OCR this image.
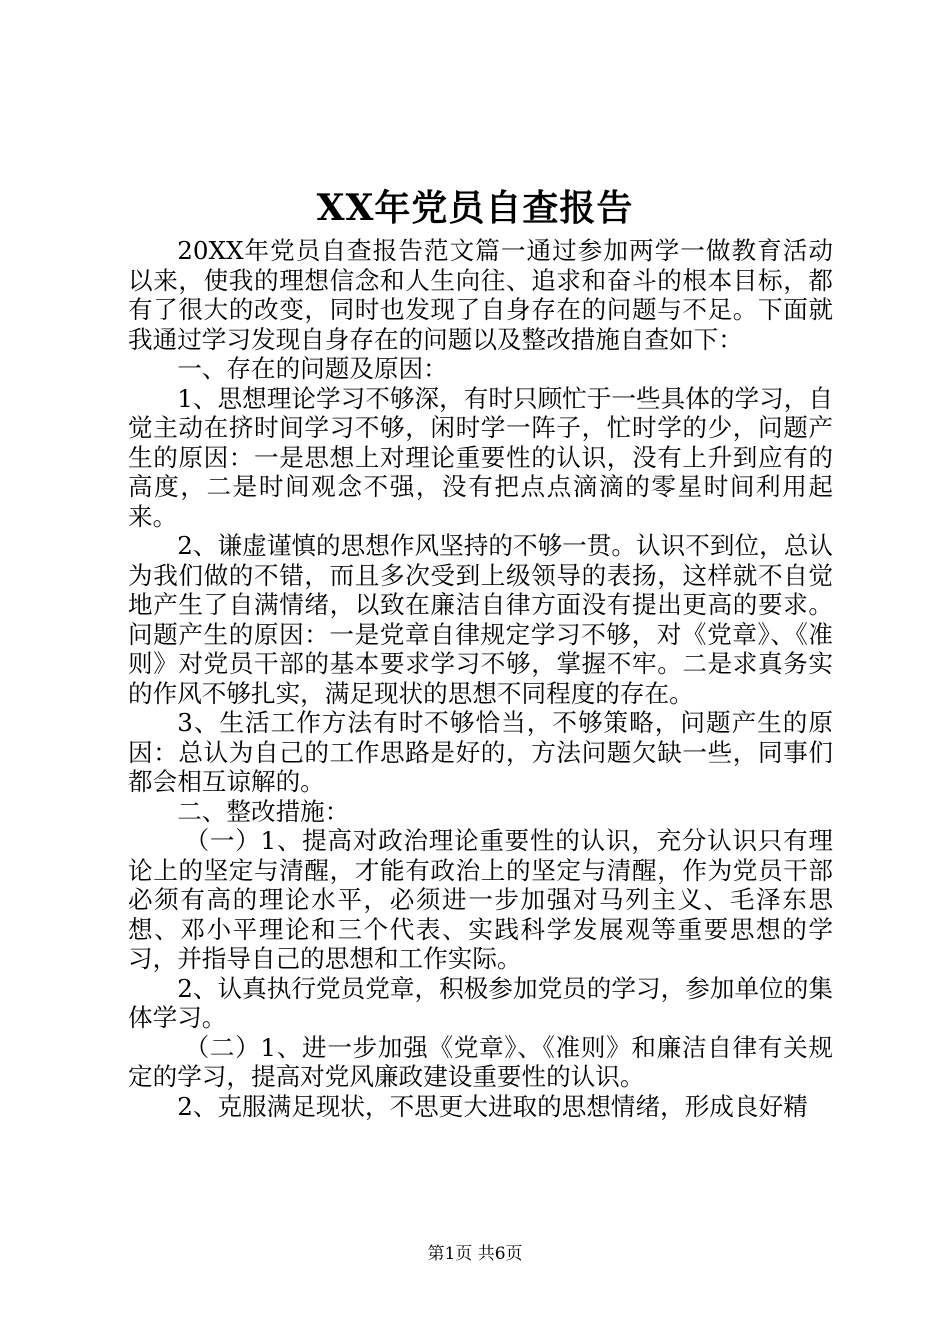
XX年党员自查报告

20XX年党员自查报告范文篇一通过参加两学一做教育活动以来，使我的理想信念和人生向往、追求和奋斗的根本目标，都有了很大的改变，同时也发现了自身存在的问题与不足。下面就我通过学习发现自身存在的问题以及整改措施自查如下：

一、存在的问题及原因：

1、思想理论学习不够深，有时只顾忙于一些具体的学习，自觉主动在挤时间学习不够，闲时学一阵子，忙时学的少，问题产生的原因：一是思想上对理论重要性的认识，没有上升到应有的高度，二是时间观念不强，没有把点点滴滴的零星时间利用起来。

2、谦虚谨慎的思想作风坚持的不够一贯。认识不到位，总认为我们做的不错，而且多次受到上级领导的表扬，这样就不自觉地产生了自满情绪，以致在廉洁自律方面没有提出更高的要求。问题产生的原因：一是党章自律规定学习不够，对《党章》、《准则》对党员干部的基本要求学习不够，掌握不牢。二是求真务实的作风不够扎实，满足现状的思想不同程度的存在。

3、生活工作方法有时不够恰当，不够策略，问题产生的原因：总认为自己的工作思路是好的，方法问题欠缺一些，同事们都会相互谅解的。

二、整改措施：

（一）1、提高对政治理论重要性的认识，充分认识只有理论上的坚定与清醒，才能有政治上的坚定与清醒，作为党员干部必须有高的理论水平，必须进一步加强对马列主义、毛泽东思想、邓小平理论和三个代表、实践科学发展观等重要思想的学习，并指导自己的思想和工作实际。

2、认真执行党员党章，积极参加党员的学习，参加单位的集体学习。

（二）1、进一步加强《党章》、《准则》和廉洁自律有关规定的学习，提高对党风廉政建设重要性的认识。

2、克服满足现状，不思更大进取的思想情绪，形成良好精

第1页 共6页
